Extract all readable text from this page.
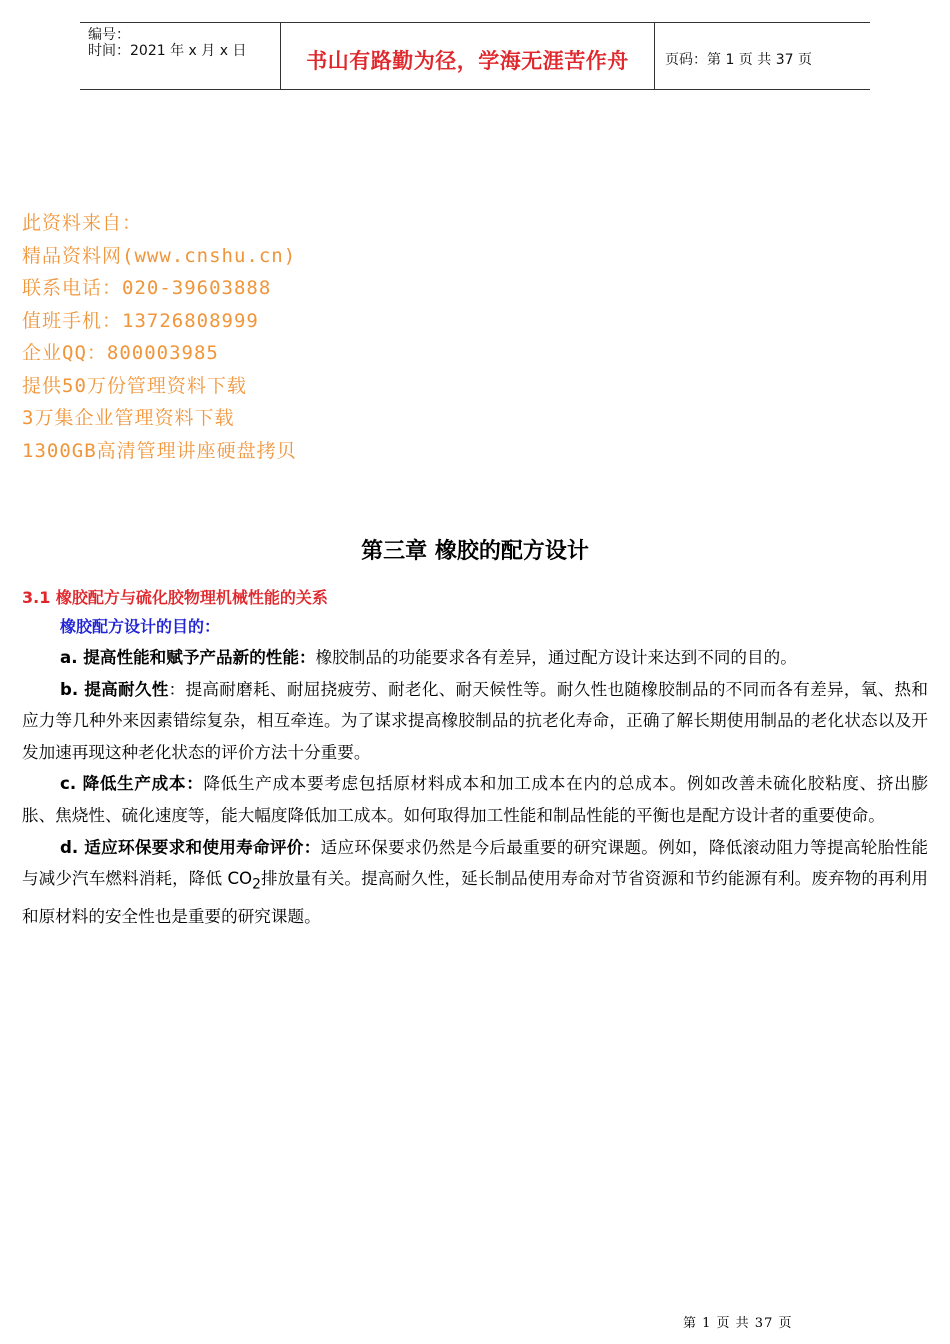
编号：
时间：2021 年 x 月 x 日	书山有路勤为径，学海无涯苦作舟	页码：第 1 页 共 37 页
此资料来自：
精品资料网(www.cnshu.cn)
联系电话：020-39603888
值班手机：13726808999
企业QQ：800003985
提供50万份管理资料下载
3万集企业管理资料下载
1300GB高清管理讲座硬盘拷贝
第三章 橡胶的配方设计
3.1 橡胶配方与硫化胶物理机械性能的关系
橡胶配方设计的目的：

a. 提高性能和赋予产品新的性能：橡胶制品的功能要求各有差异，通过配方设计来达到不同的目的。

b. 提高耐久性：提高耐磨耗、耐屈挠疲劳、耐老化、耐天候性等。耐久性也随橡胶制品的不同而各有差异，氧、热和应力等几种外来因素错综复杂，相互牵连。为了谋求提高橡胶制品的抗老化寿命，正确了解长期使用制品的老化状态以及开发加速再现这种老化状态的评价方法十分重要。

c. 降低生产成本：降低生产成本要考虑包括原材料成本和加工成本在内的总成本。例如改善未硫化胶粘度、挤出膨胀、焦烧性、硫化速度等，能大幅度降低加工成本。如何取得加工性能和制品性能的平衡也是配方设计者的重要使命。

d. 适应环保要求和使用寿命评价：适应环保要求仍然是今后最重要的研究课题。例如，降低滚动阻力等提高轮胎性能与减少汽车燃料消耗，降低 $CO_2$排放量有关。提高耐久性，延长制品使用寿命对节省资源和节约能源有利。废弃物的再利用和原材料的安全性也是重要的研究课题。

第 1 页 共 37 页
